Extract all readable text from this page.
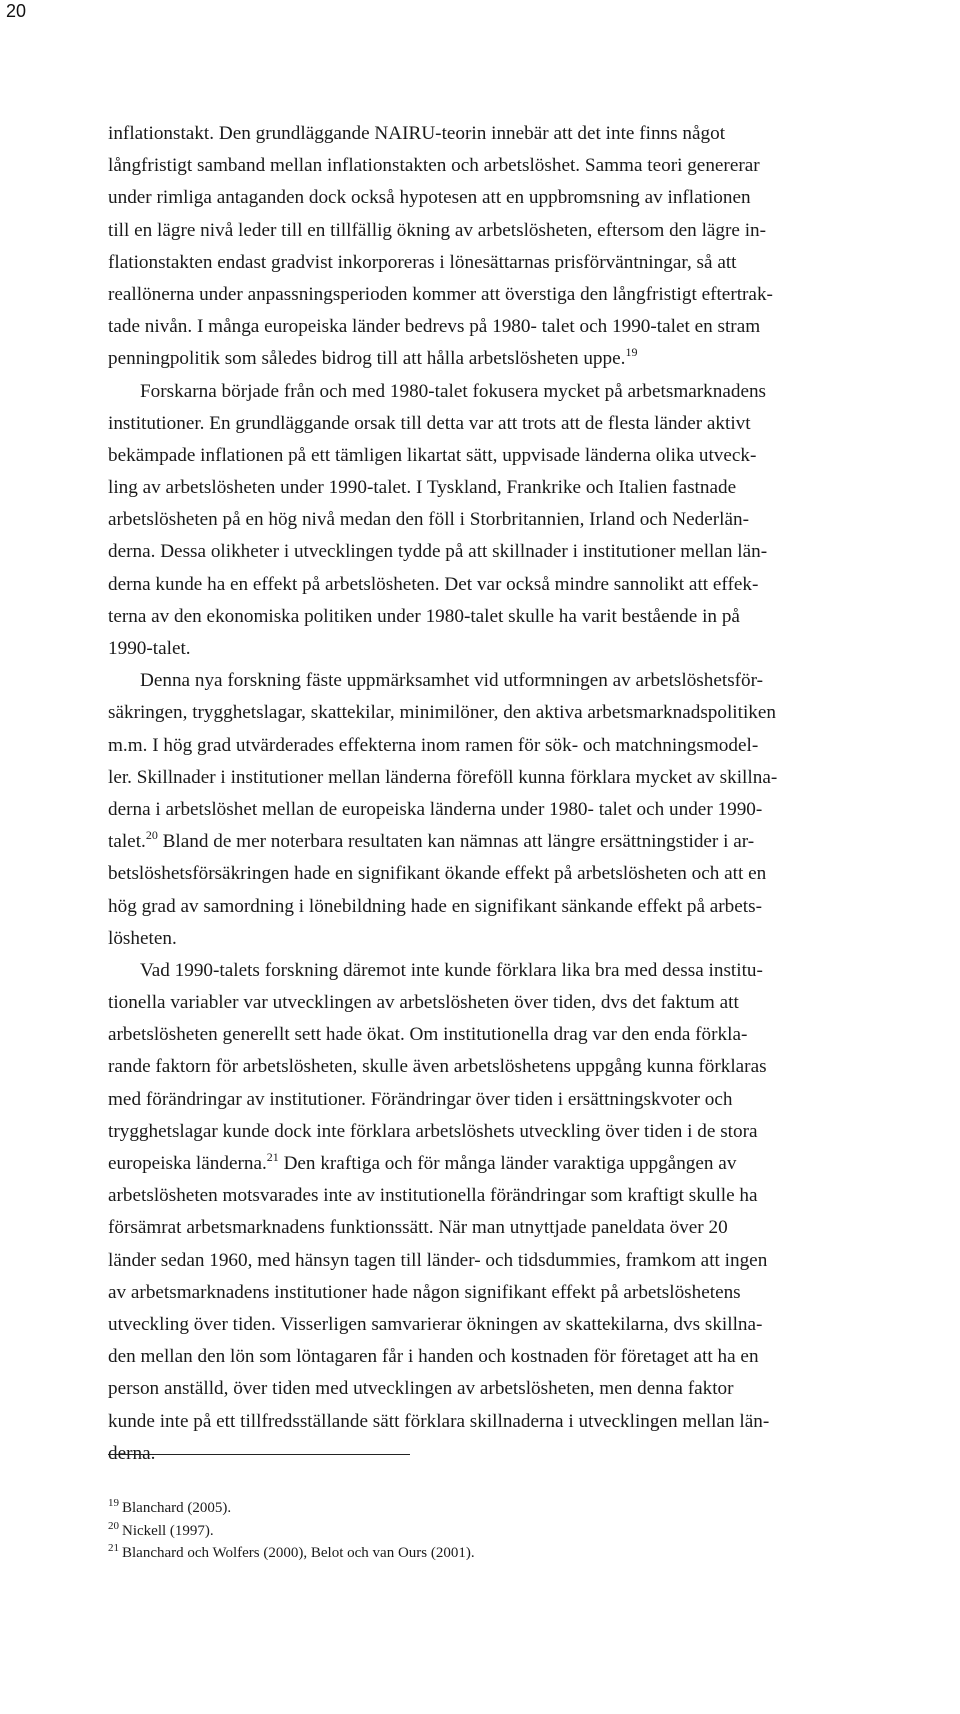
20
inflationstakt. Den grundläggande NAIRU-teorin innebär att det inte finns något
långfristigt samband mellan inflationstakten och arbetslöshet. Samma teori genererar
under rimliga antaganden dock också hypotesen att en uppbromsning av inflationen
till en lägre nivå leder till en tillfällig ökning av arbetslösheten, eftersom den lägre in-
flationstakten endast gradvist inkorporeras i lönesättarnas prisförväntningar, så att
reallönerna under anpassningsperioden kommer att överstiga den långfristigt eftertrak-
tade nivån. I många europeiska länder bedrevs på 1980- talet och 1990-talet en stram
penningpolitik som således bidrog till att hålla arbetslösheten uppe.$^{19}$
Forskarna började från och med 1980-talet fokusera mycket på arbetsmarknadens
institutioner. En grundläggande orsak till detta var att trots att de flesta länder aktivt
bekämpade inflationen på ett tämligen likartat sätt, uppvisade länderna olika utveck-
ling av arbetslösheten under 1990-talet. I Tyskland, Frankrike och Italien fastnade
arbetslösheten på en hög nivå medan den föll i Storbritannien, Irland och Nederlän-
derna. Dessa olikheter i utvecklingen tydde på att skillnader i institutioner mellan län-
derna kunde ha en effekt på arbetslösheten. Det var också mindre sannolikt att effek-
terna av den ekonomiska politiken under 1980-talet skulle ha varit bestående in på
1990-talet.
Denna nya forskning fäste uppmärksamhet vid utformningen av arbetslöshetsför-
säkringen, trygghetslagar, skattekilar, minimilöner, den aktiva arbetsmarknadspolitiken
m.m. I hög grad utvärderades effekterna inom ramen för sök- och matchningsmodel-
ler. Skillnader i institutioner mellan länderna föreföll kunna förklara mycket av skillna-
derna i arbetslöshet mellan de europeiska länderna under 1980- talet och under 1990-
talet.$^{20}$ Bland de mer noterbara resultaten kan nämnas att längre ersättningstider i ar-
betslöshetsförsäkringen hade en signifikant ökande effekt på arbetslösheten och att en
hög grad av samordning i lönebildning hade en signifikant sänkande effekt på arbets-
lösheten.
Vad 1990-talets forskning däremot inte kunde förklara lika bra med dessa institu-
tionella variabler var utvecklingen av arbetslösheten över tiden, dvs det faktum att
arbetslösheten generellt sett hade ökat. Om institutionella drag var den enda förkla-
rande faktorn för arbetslösheten, skulle även arbetslöshetens uppgång kunna förklaras
med förändringar av institutioner. Förändringar över tiden i ersättningskvoter och
trygghetslagar kunde dock inte förklara arbetslöshets utveckling över tiden i de stora
europeiska länderna.$^{21}$ Den kraftiga och för många länder varaktiga uppgången av
arbetslösheten motsvarades inte av institutionella förändringar som kraftigt skulle ha
försämrat arbetsmarknadens funktionssätt. När man utnyttjade paneldata över 20
länder sedan 1960, med hänsyn tagen till länder- och tidsdummies, framkom att ingen
av arbetsmarknadens institutioner hade någon signifikant effekt på arbetslöshetens
utveckling över tiden. Visserligen samvarierar ökningen av skattekilarna, dvs skillna-
den mellan den lön som löntagaren får i handen och kostnaden för företaget att ha en
person anställd, över tiden med utvecklingen av arbetslösheten, men denna faktor
kunde inte på ett tillfredsställande sätt förklara skillnaderna i utvecklingen mellan län-
derna.
$^{19}$ Blanchard (2005).
$^{20}$ Nickell (1997).
$^{21}$ Blanchard och Wolfers (2000), Belot och van Ours (2001).
